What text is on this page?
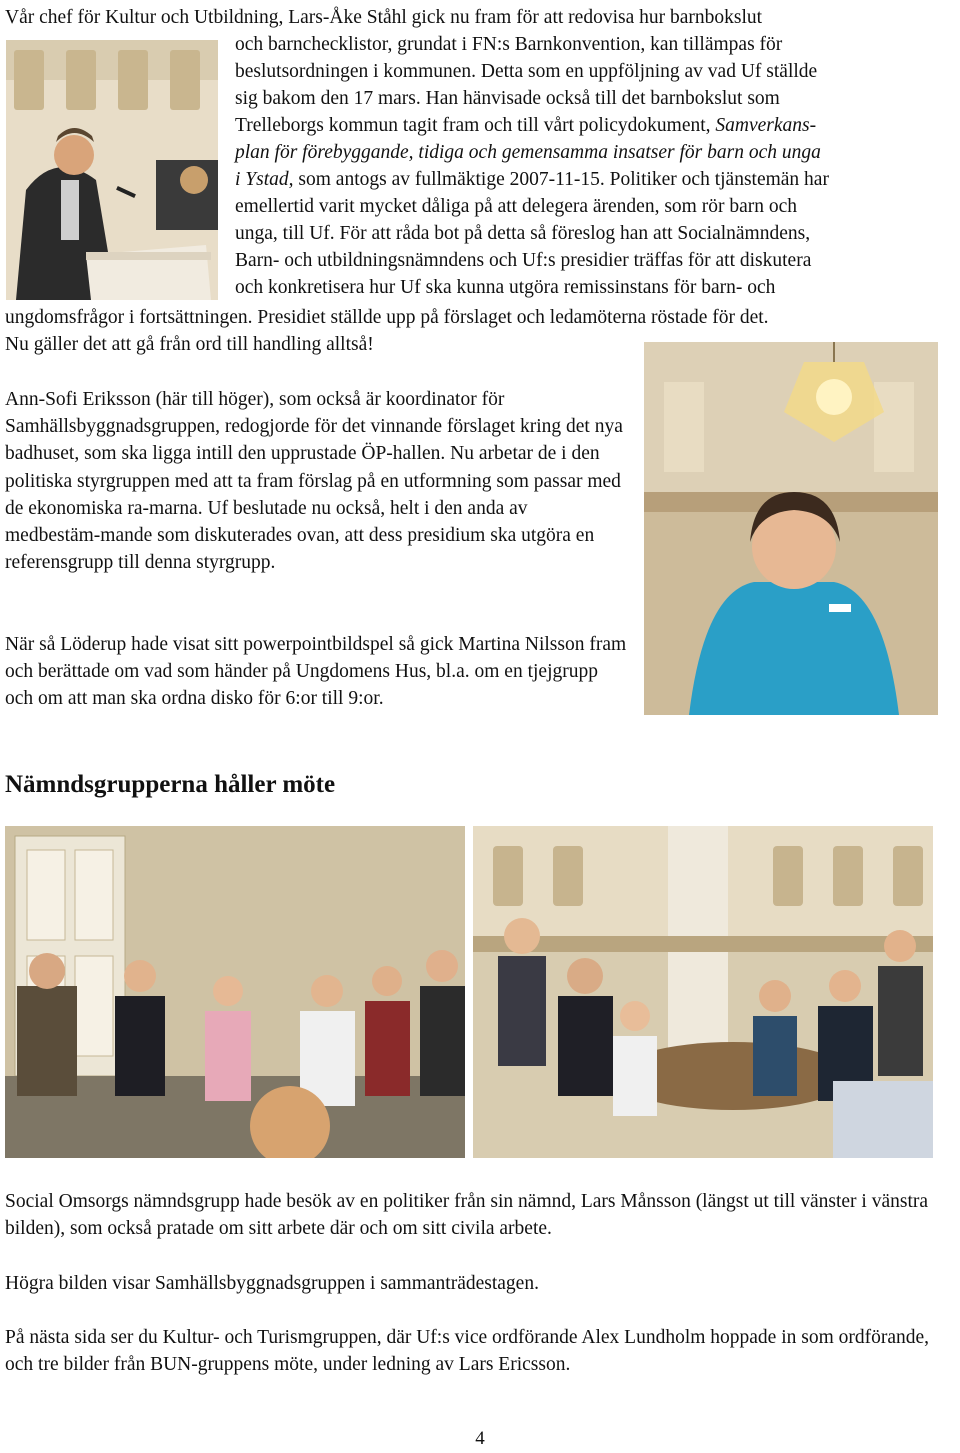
Vår chef för Kultur och Utbildning, Lars-Åke Ståhl gick nu fram för att redovisa hur barnbokslut
och barnchecklistor, grundat i FN:s Barnkonvention, kan tillämpas för
beslutsordningen i kommunen. Detta som en uppföljning av vad Uf ställde
sig bakom den 17 mars. Han hänvisade också till det barnbokslut som
Trelleborgs kommun tagit fram och till vårt policydokument, Samverkans-
plan för förebyggande, tidiga och gemensamma insatser för barn och unga
i Ystad, som antogs av fullmäktige 2007-11-15. Politiker och tjänstemän har
emellertid varit mycket dåliga på att delegera ärenden, som rör barn och
unga, till Uf. För att råda bot på detta så föreslog han att Socialnämndens,
Barn- och utbildningsnämndens och Uf:s presidier träffas för att diskutera
och konkretisera hur Uf ska kunna utgöra remissinstans för barn- och
ungdomsfrågor i fortsättningen. Presidiet ställde upp på förslaget och ledamöterna röstade för det.
Nu gäller det att gå från ord till handling alltså!
Ann-Sofi Eriksson (här till höger), som också är koordinator för Samhällsbyggnadsgruppen, redogjorde för det vinnande förslaget kring det nya badhuset, som ska ligga intill den upprustade ÖP-hallen. Nu arbetar de i den politiska styrgruppen med att ta fram förslag på en utformning som passar med de ekonomiska ra-marna. Uf beslutade nu också, helt i den anda av medbestäm-mande som diskuterades ovan, att dess presidium ska utgöra en referensgrupp till denna styrgrupp.
När så Löderup hade visat sitt powerpointbildspel så gick Martina Nilsson fram och berättade om vad som händer på Ungdomens Hus, bl.a. om en tjejgrupp och om att man ska ordna disko för 6:or till 9:or.
Nämndsgrupperna håller möte
Social Omsorgs nämndsgrupp hade besök av en politiker från sin nämnd, Lars Månsson (längst ut till vänster i vänstra bilden), som också pratade om sitt arbete där och om sitt civila arbete.
Högra bilden visar Samhällsbyggnadsgruppen i sammanträdestagen.
På nästa sida ser du Kultur- och Turismgruppen, där Uf:s vice ordförande Alex Lundholm hoppade in som ordförande, och tre bilder från BUN-gruppens möte, under ledning av Lars Ericsson.
4
